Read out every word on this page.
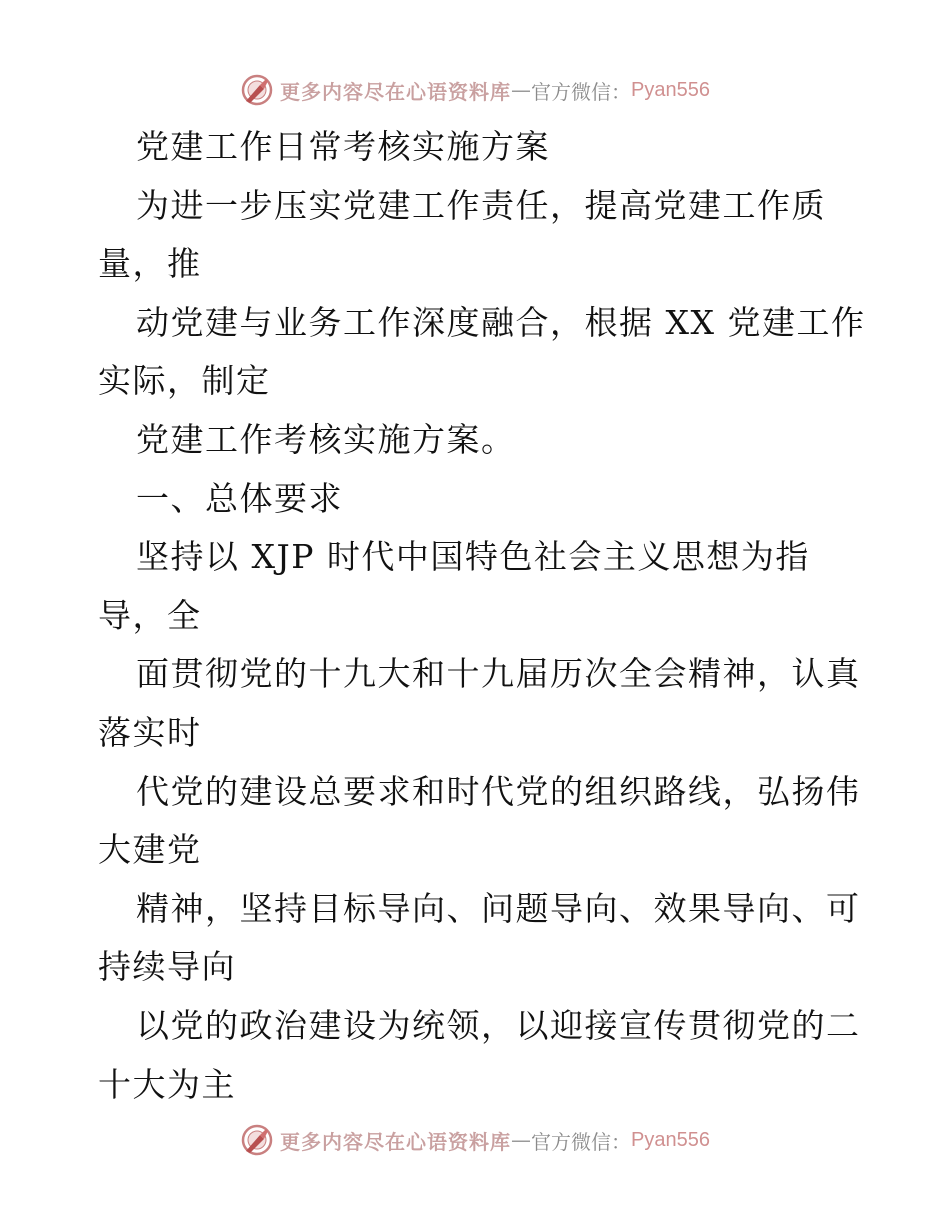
更多内容尽在心语资料库 — 官方微信： Pyan556
党建工作日常考核实施方案
为进一步压实党建工作责任，提高党建工作质
量，推
动党建与业务工作深度融合，根据 XX 党建工作
实际，制定
党建工作考核实施方案。
一、总体要求
坚持以 XJP 时代中国特色社会主义思想为指
导，全
面贯彻党的十九大和十九届历次全会精神，认真
落实时
代党的建设总要求和时代党的组织路线，弘扬伟
大建党
精神，坚持目标导向、问题导向、效果导向、可
持续导向
以党的政治建设为统领，以迎接宣传贯彻党的二
十大为主
更多内容尽在心语资料库 — 官方微信： Pyan556
